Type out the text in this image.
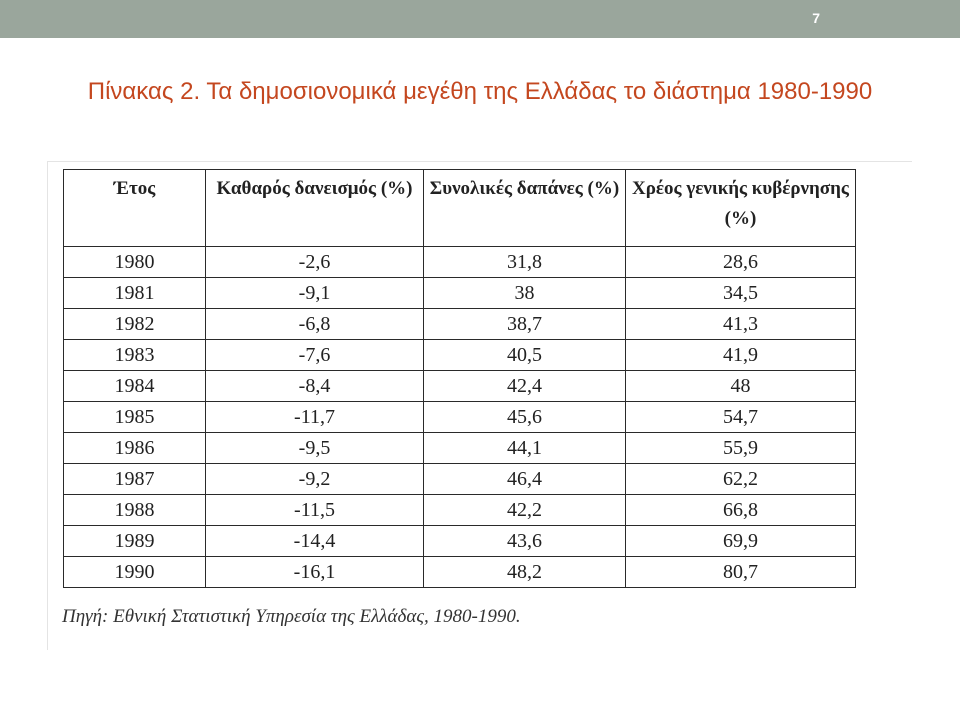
7
Πίνακας 2. Τα δημοσιονομικά μεγέθη της Ελλάδας το διάστημα 1980-1990
Έτος	Καθαρός δανεισμός (%)	Συνολικές δαπάνες (%)	Χρέος γενικής κυβέρνησης (%)
1980	-2,6	31,8	28,6
1981	-9,1	38	34,5
1982	-6,8	38,7	41,3
1983	-7,6	40,5	41,9
1984	-8,4	42,4	48
1985	-11,7	45,6	54,7
1986	-9,5	44,1	55,9
1987	-9,2	46,4	62,2
1988	-11,5	42,2	66,8
1989	-14,4	43,6	69,9
1990	-16,1	48,2	80,7
Πηγή: Εθνική Στατιστική Υπηρεσία της Ελλάδας, 1980-1990.
